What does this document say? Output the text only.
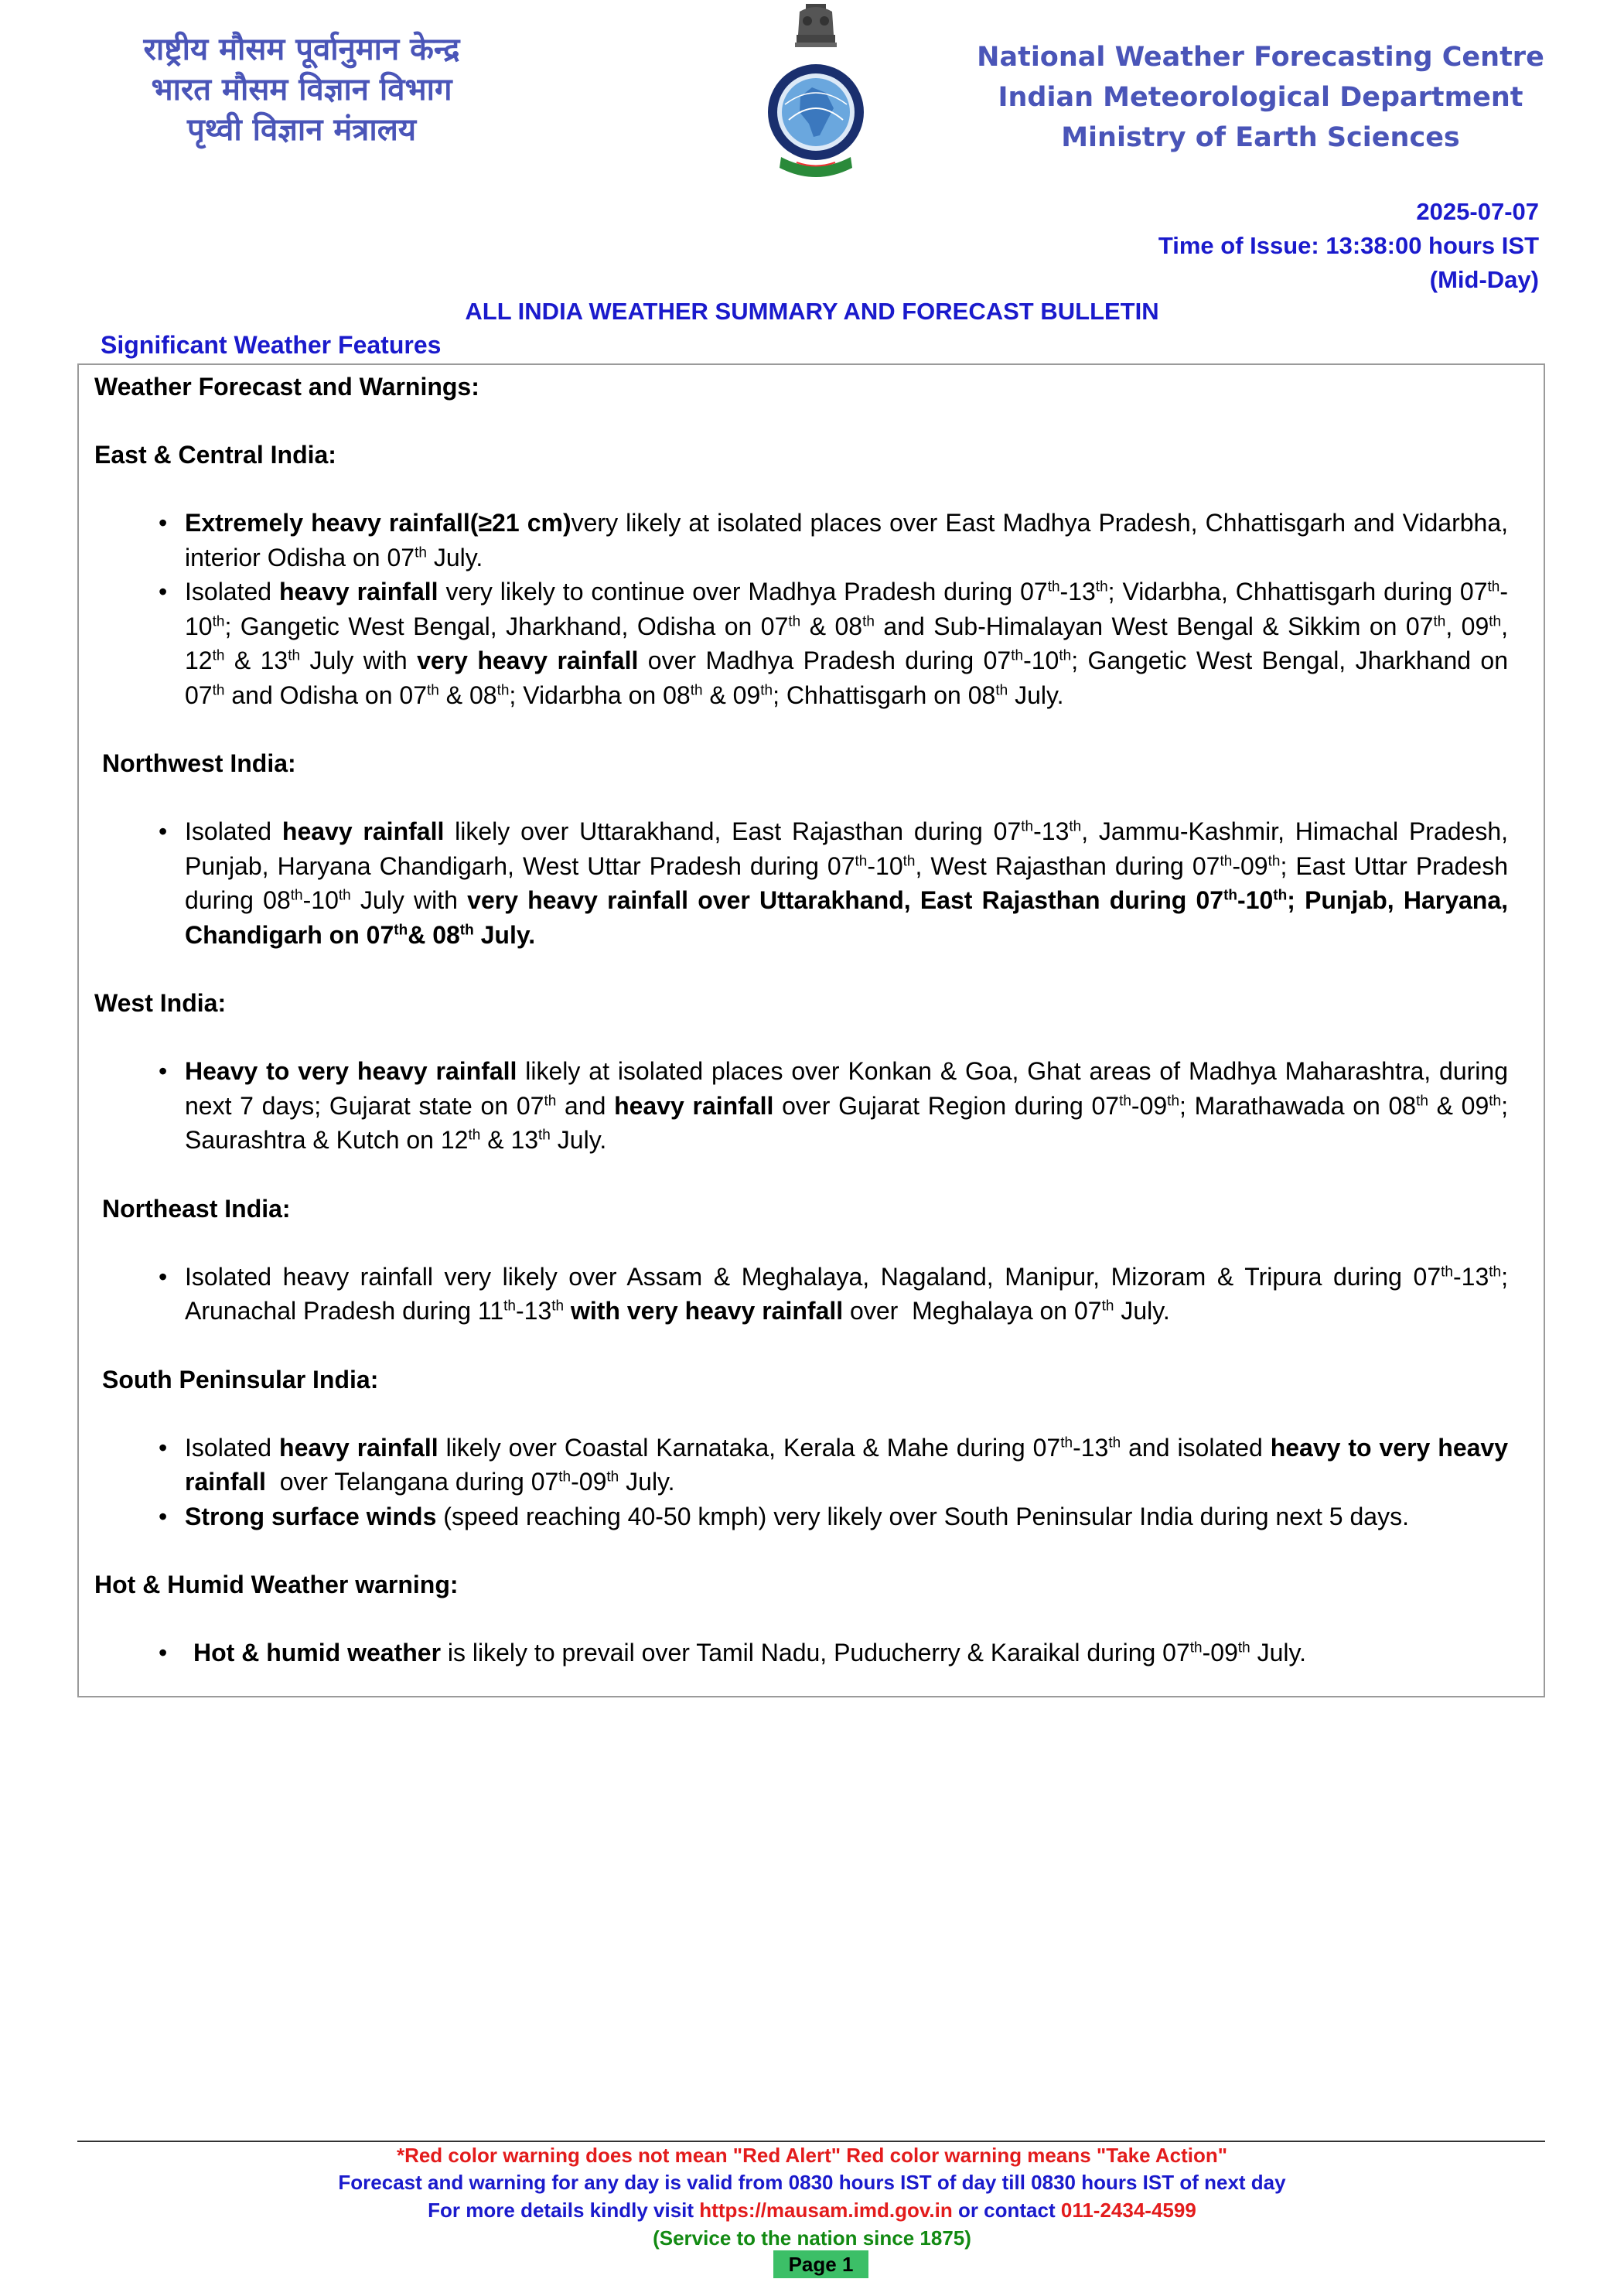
राष्ट्रीय मौसम पूर्वानुमान केन्द्र
भारत मौसम विज्ञान विभाग
पृथ्वी विज्ञान मंत्रालय
National Weather Forecasting Centre
Indian Meteorological Department
Ministry of Earth Sciences
2025-07-07
Time of Issue: 13:38:00 hours IST
(Mid-Day)
ALL INDIA WEATHER SUMMARY AND FORECAST BULLETIN
Significant Weather Features

Weather Forecast and Warnings:

East & Central India:

• Extremely heavy rainfall(≥21 cm)very likely at isolated places over East Madhya Pradesh, Chhattisgarh and Vidarbha, interior Odisha on 07th July.
• Isolated heavy rainfall very likely to continue over Madhya Pradesh during 07th-13th; Vidarbha, Chhattisgarh during 07th-10th; Gangetic West Bengal, Jharkhand, Odisha on 07th & 08th and Sub-Himalayan West Bengal & Sikkim on 07th, 09th, 12th & 13th July with very heavy rainfall over Madhya Pradesh during 07th-10th; Gangetic West Bengal, Jharkhand on 07th and Odisha on 07th & 08th; Vidarbha on 08th & 09th; Chhattisgarh on 08th July.

Northwest India:

• Isolated heavy rainfall likely over Uttarakhand, East Rajasthan during 07th-13th, Jammu-Kashmir, Himachal Pradesh, Punjab, Haryana Chandigarh, West Uttar Pradesh during 07th-10th, West Rajasthan during 07th-09th; East Uttar Pradesh during 08th-10th July with very heavy rainfall over Uttarakhand, East Rajasthan during 07th-10th; Punjab, Haryana, Chandigarh on 07th& 08th July.

West India:

• Heavy to very heavy rainfall likely at isolated places over Konkan & Goa, Ghat areas of Madhya Maharashtra, during next 7 days; Gujarat state on 07th and heavy rainfall over Gujarat Region during 07th-09th; Marathawada on 08th & 09th; Saurashtra & Kutch on 12th & 13th July.

Northeast India:

• Isolated heavy rainfall very likely over Assam & Meghalaya, Nagaland, Manipur, Mizoram & Tripura during 07th-13th; Arunachal Pradesh during 11th-13th with very heavy rainfall over  Meghalaya on 07th July.

South Peninsular India:

• Isolated heavy rainfall likely over Coastal Karnataka, Kerala & Mahe during 07th-13th and isolated heavy to very heavy rainfall  over Telangana during 07th-09th July.
• Strong surface winds (speed reaching 40-50 kmph) very likely over South Peninsular India during next 5 days.

Hot & Humid Weather warning:

• Hot & humid weather is likely to prevail over Tamil Nadu, Puducherry & Karaikal during 07th-09th July.
*Red color warning does not mean "Red Alert" Red color warning means "Take Action"
Forecast and warning for any day is valid from 0830 hours IST of day till 0830 hours IST of next day
For more details kindly visit https://mausam.imd.gov.in or contact 011-2434-4599
(Service to the nation since 1875)
Page 1
